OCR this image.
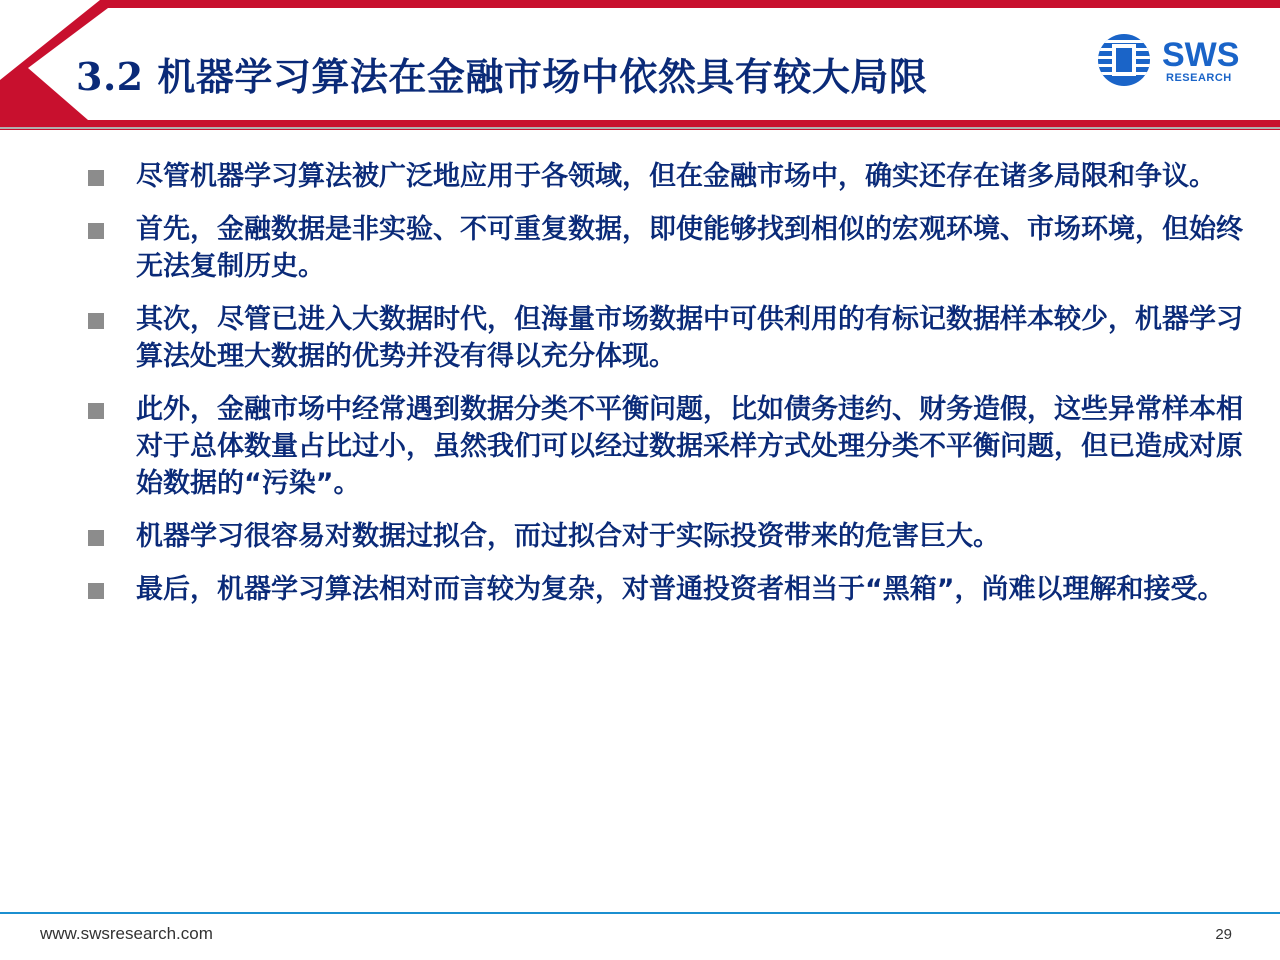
3.2 机器学习算法在金融市场中依然具有较大局限	SWS
RESEARCH
尽管机器学习算法被广泛地应用于各领域，但在金融市场中，确实还存在诸多局限和争议。
首先，金融数据是非实验、不可重复数据，即使能够找到相似的宏观环境、市场环境，但始终无法复制历史。
其次，尽管已进入大数据时代，但海量市场数据中可供利用的有标记数据样本较少，机器学习算法处理大数据的优势并没有得以充分体现。
此外，金融市场中经常遇到数据分类不平衡问题，比如债务违约、财务造假，这些异常样本相对于总体数量占比过小，虽然我们可以经过数据采样方式处理分类不平衡问题，但已造成对原始数据的“污染”。
机器学习很容易对数据过拟合，而过拟合对于实际投资带来的危害巨大。
最后，机器学习算法相对而言较为复杂，对普通投资者相当于“黑箱”，尚难以理解和接受。
www.swsresearch.com	29
